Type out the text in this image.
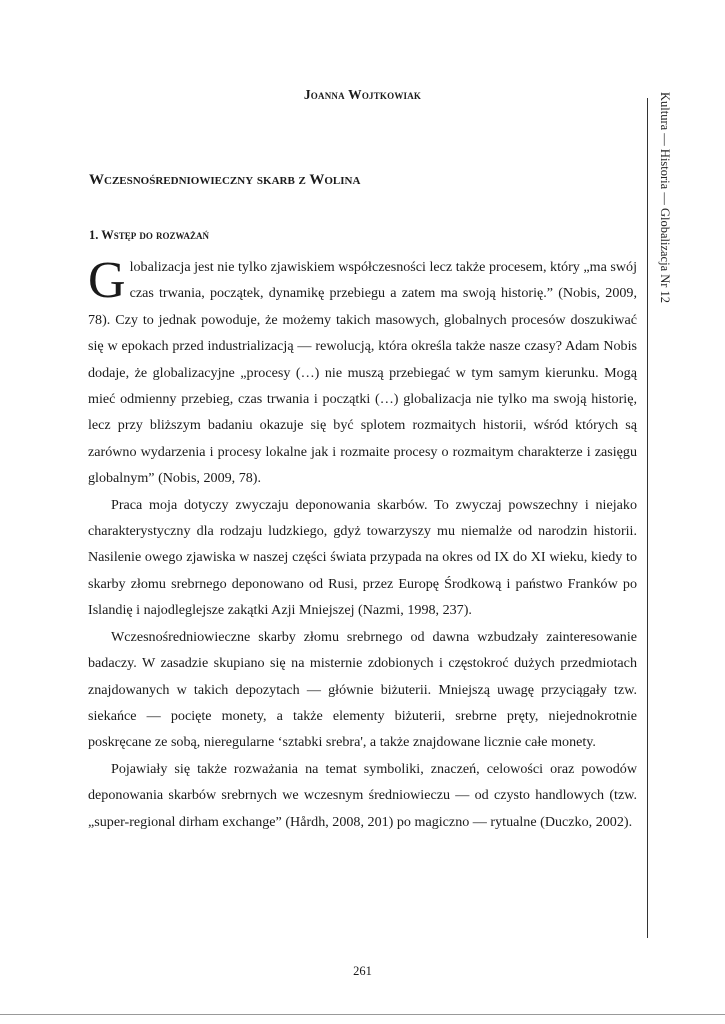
Joanna Wojtkowiak
Wczesnośredniowieczny skarb z Wolina
1. Wstęp do rozważań

Globalizacja jest nie tylko zjawiskiem współczesności lecz także procesem, który „ma swój czas trwania, początek, dynamikę przebiegu a zatem ma swoją historię.” (Nobis, 2009, 78). Czy to jednak powoduje, że możemy takich masowych, globalnych procesów doszukiwać się w epokach przed industrializacją — rewolucją, która określa także nasze czasy? Adam Nobis dodaje, że globalizacyjne „procesy (…) nie muszą przebiegać w tym samym kierunku. Mogą mieć odmienny przebieg, czas trwania i początki (…) globalizacja nie tylko ma swoją historię, lecz przy bliższym badaniu okazuje się być splotem rozmaitych historii, wśród których są zarówno wydarzenia i procesy lokalne jak i rozmaite procesy o rozmaitym charakterze i zasięgu globalnym” (Nobis, 2009, 78).

Praca moja dotyczy zwyczaju deponowania skarbów. To zwyczaj powszechny i niejako charakterystyczny dla rodzaju ludzkiego, gdyż towarzyszy mu niemalże od narodzin historii. Nasilenie owego zjawiska w naszej części świata przypada na okres od IX do XI wieku, kiedy to skarby złomu srebrnego deponowano od Rusi, przez Europę Środkową i państwo Franków po Islandię i najodleglejsze zakątki Azji Mniejszej (Nazmi, 1998, 237).

Wczesnośredniowieczne skarby złomu srebrnego od dawna wzbudzały zainteresowanie badaczy. W zasadzie skupiano się na misternie zdobionych i częstokroć dużych przedmiotach znajdowanych w takich depozytach — głównie biżuterii. Mniejszą uwagę przyciągały tzw. siekańce — pocięte monety, a także elementy biżuterii, srebrne pręty, niejednokrotnie poskręcane ze sobą, nieregularne ‘sztabki srebra', a także znajdowane licznie całe monety.

Pojawiały się także rozważania na temat symboliki, znaczeń, celowości oraz powodów deponowania skarbów srebrnych we wczesnym średniowieczu — od czysto handlowych (tzw. „super-regional dirham exchange” (Hårdh, 2008, 201) po magiczno — rytualne (Duczko, 2002).

Kultura — Historia — Globalizacja Nr 12
261
